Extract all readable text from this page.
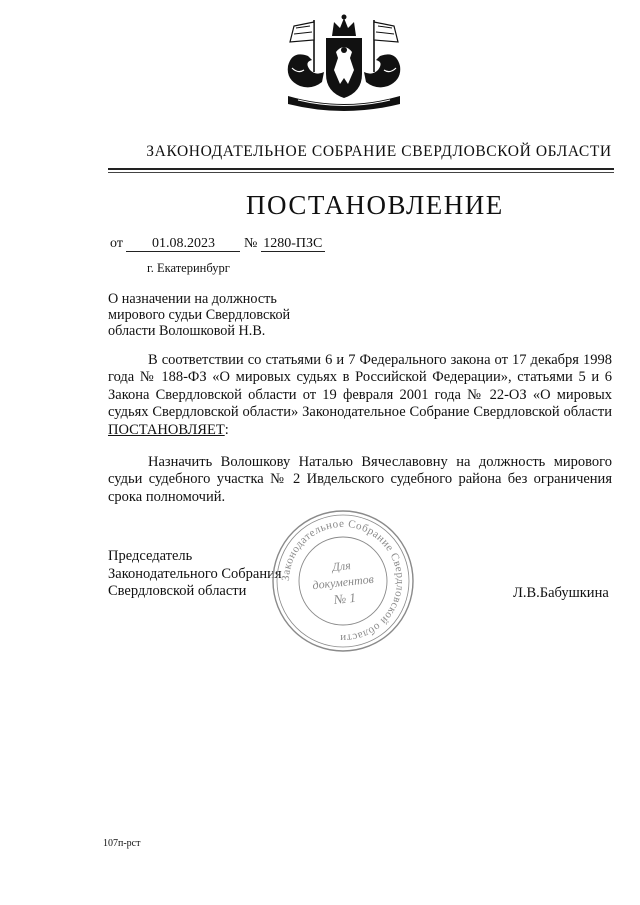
ЗАКОНОДАТЕЛЬНОЕ СОБРАНИЕ СВЕРДЛОВСКОЙ ОБЛАСТИ
ПОСТАНОВЛЕНИЕ
от 01.08.2023 № 1280-ПЗС
г. Екатеринбург
О назначении на должность
мирового судьи Свердловской
области Волошковой Н.В.

В соответствии со статьями 6 и 7 Федерального закона от 17 декабря 1998 года № 188-ФЗ «О мировых судьях в Российской Федерации», статьями 5 и 6 Закона Свердловской области от 19 февраля 2001 года № 22-ОЗ «О мировых судьях Свердловской области» Законодательное Собрание Свердловской области ПОСТАНОВЛЯЕТ:

Назначить Волошкову Наталью Вячеславовну на должность мирового судьи судебного участка № 2 Ивдельского судебного района без ограничения срока полномочий.

Председатель
Законодательного Собрания
Свердловской области	Л.В.Бабушкина
Законодательное Собрание Свердловской области
Для
документов
№ 1
107п-рст
